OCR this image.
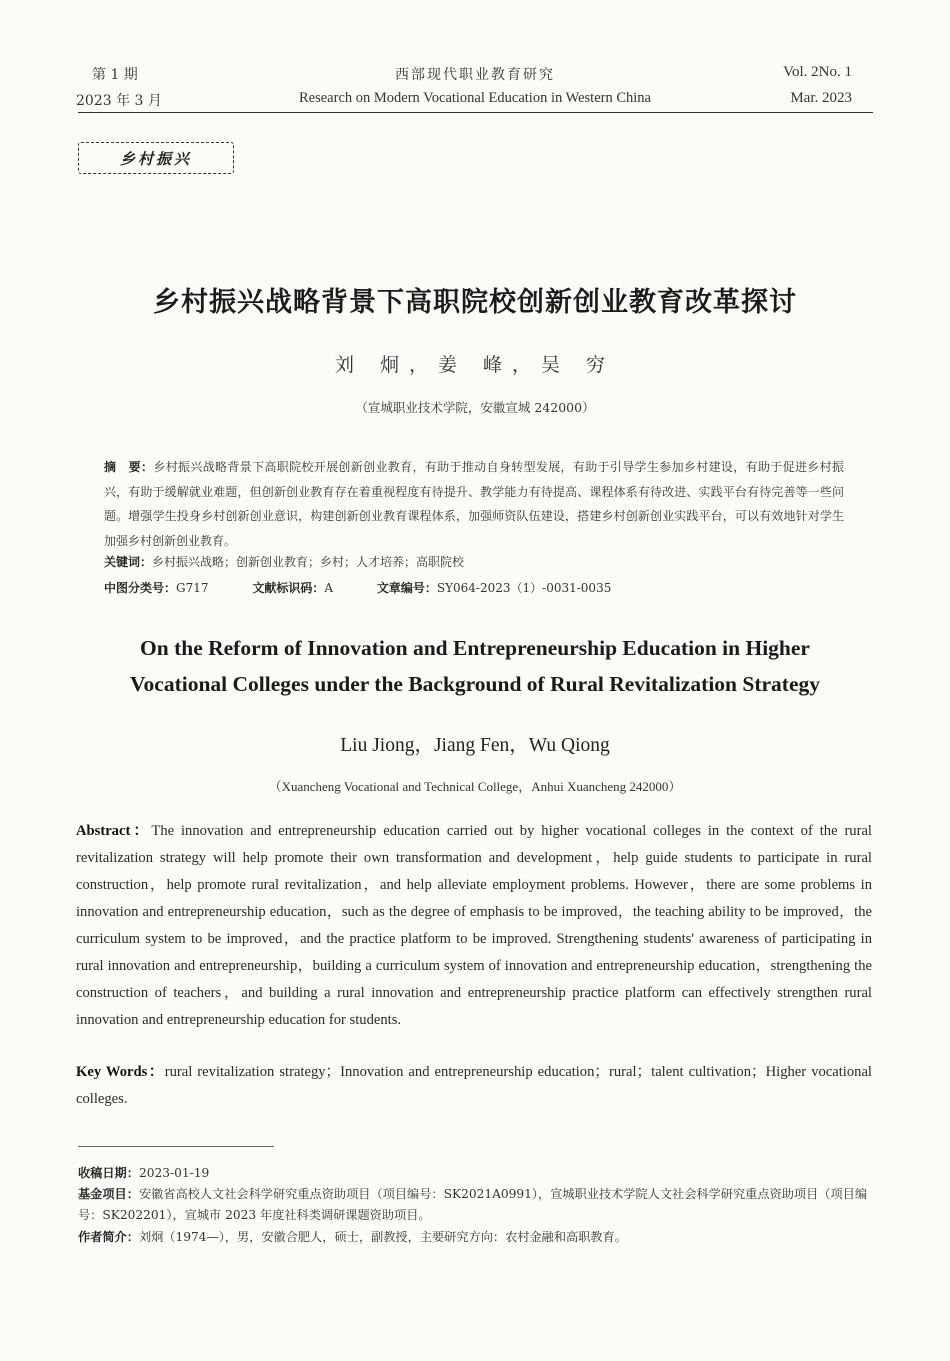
第 1 期
2023 年 3 月
西部现代职业教育研究
Research on Modern Vocational Education in Western China
Vol. 2No. 1
Mar. 2023
乡村振兴
乡村振兴战略背景下高职院校创新创业教育改革探讨
刘 炯，姜 峰，吴 穷
（宣城职业技术学院，安徽宣城 242000）
摘　要：乡村振兴战略背景下高职院校开展创新创业教育，有助于推动自身转型发展，有助于引导学生参加乡村建设，有助于促进乡村振兴，有助于缓解就业难题，但创新创业教育存在着重视程度有待提升、教学能力有待提高、课程体系有待改进、实践平台有待完善等一些问题。增强学生投身乡村创新创业意识，构建创新创业教育课程体系，加强师资队伍建设，搭建乡村创新创业实践平台，可以有效地针对学生加强乡村创新创业教育。
关键词：乡村振兴战略；创新创业教育；乡村；人才培养；高职院校
中图分类号：G717	文献标识码：A	文章编号：SY064-2023（1）-0031-0035
On the Reform of Innovation and Entrepreneurship Education in Higher
Vocational Colleges under the Background of Rural Revitalization Strategy
Liu Jiong，Jiang Fen，Wu Qiong
（Xuancheng Vocational and Technical College，Anhui Xuancheng 242000）
Abstract：The innovation and entrepreneurship education carried out by higher vocational colleges in the context of the rural revitalization strategy will help promote their own transformation and development，help guide students to participate in rural construction，help promote rural revitalization，and help alleviate employment problems. However，there are some problems in innovation and entrepreneurship education，such as the degree of emphasis to be improved，the teaching ability to be improved，the curriculum system to be improved，and the practice platform to be improved. Strengthening students' awareness of participating in rural innovation and entrepreneurship，building a curriculum system of innovation and entrepreneurship education，strengthening the construction of teachers，and building a rural innovation and entrepreneurship practice platform can effectively strengthen rural innovation and entrepreneurship education for students.
Key Words：rural revitalization strategy；Innovation and entrepreneurship education；rural；talent cultivation；Higher vocational colleges.
收稿日期：2023-01-19
基金项目：安徽省高校人文社会科学研究重点资助项目（项目编号：SK2021A0991），宣城职业技术学院人文社会科学研究重点资助项目（项目编号：SK202201），宣城市 2023 年度社科类调研课题资助项目。
作者简介：刘炯（1974—），男，安徽合肥人，硕士，副教授，主要研究方向：农村金融和高职教育。
